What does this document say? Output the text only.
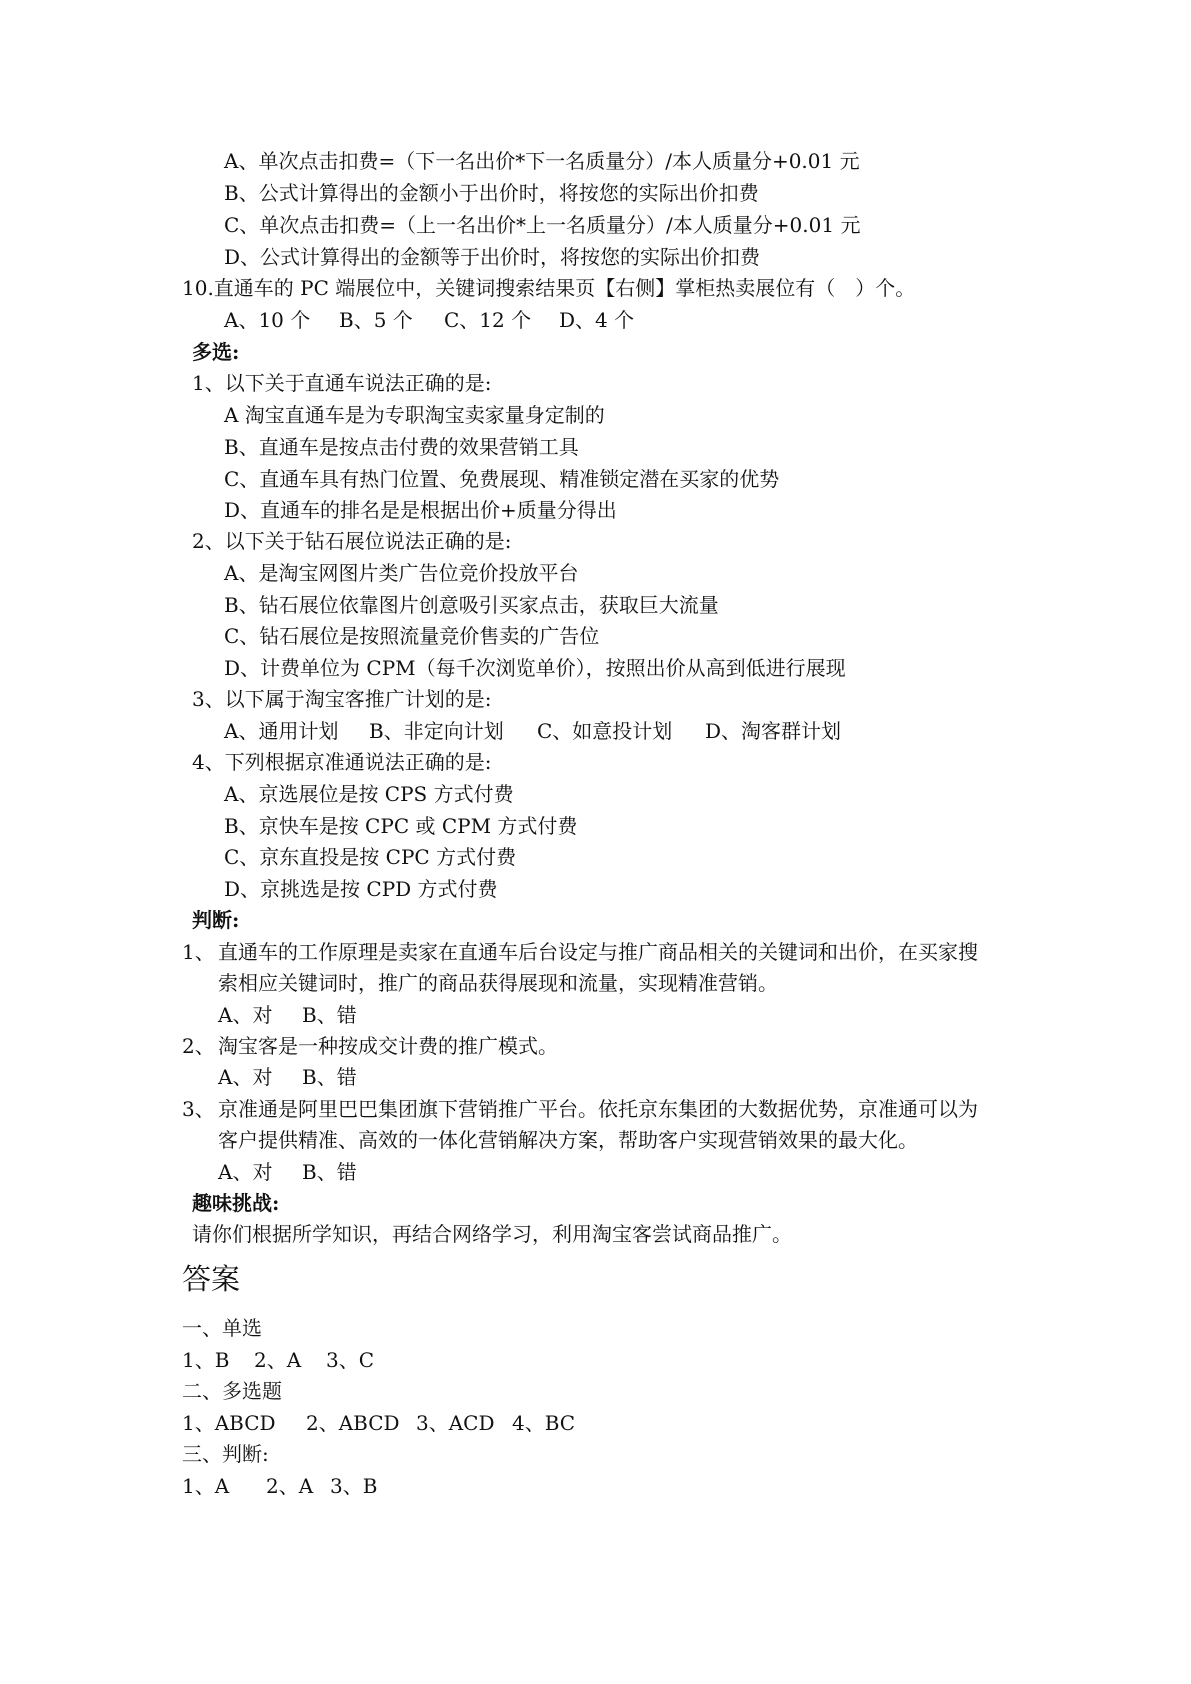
A、单次点击扣费=（下一名出价*下一名质量分）/本人质量分+0.01 元
B、公式计算得出的金额小于出价时，将按您的实际出价扣费
C、单次点击扣费=（上一名出价*上一名质量分）/本人质量分+0.01 元
D、公式计算得出的金额等于出价时，将按您的实际出价扣费
10.直通车的 PC 端展位中，关键词搜索结果页【右侧】掌柜热卖展位有（　）个。
A、10 个 B、5 个 C、12 个 D、4 个
多选:
1、以下关于直通车说法正确的是:
A 淘宝直通车是为专职淘宝卖家量身定制的
B、直通车是按点击付费的效果营销工具
C、直通车具有热门位置、免费展现、精准锁定潜在买家的优势
D、直通车的排名是是根据出价+质量分得出
2、以下关于钻石展位说法正确的是:
A、是淘宝网图片类广告位竞价投放平台
B、钻石展位依靠图片创意吸引买家点击，获取巨大流量
C、钻石展位是按照流量竞价售卖的广告位
D、计费单位为 CPM（每千次浏览单价），按照出价从高到低进行展现
3、以下属于淘宝客推广计划的是:
A、通用计划 B、非定向计划 C、如意投计划 D、淘客群计划
4、下列根据京准通说法正确的是:
A、京选展位是按 CPS 方式付费
B、京快车是按 CPC 或 CPM 方式付费
C、京东直投是按 CPC 方式付费
D、京挑选是按 CPD 方式付费
判断:
1、 直通车的工作原理是卖家在直通车后台设定与推广商品相关的关键词和出价，在买家搜
索相应关键词时，推广的商品获得展现和流量，实现精准营销。
A、对 B、错
2、 淘宝客是一种按成交计费的推广模式。
A、对 B、错
3、 京准通是阿里巴巴集团旗下营销推广平台。依托京东集团的大数据优势，京准通可以为
客户提供精准、高效的一体化营销解决方案，帮助客户实现营销效果的最大化。
A、对 B、错
趣味挑战:
请你们根据所学知识，再结合网络学习，利用淘宝客尝试商品推广。
答案
一、单选
1、B 2、A 3、C
二、多选题
1、ABCD 2、ABCD 3、ACD 4、BC
三、判断:
1、A 2、A 3、B
